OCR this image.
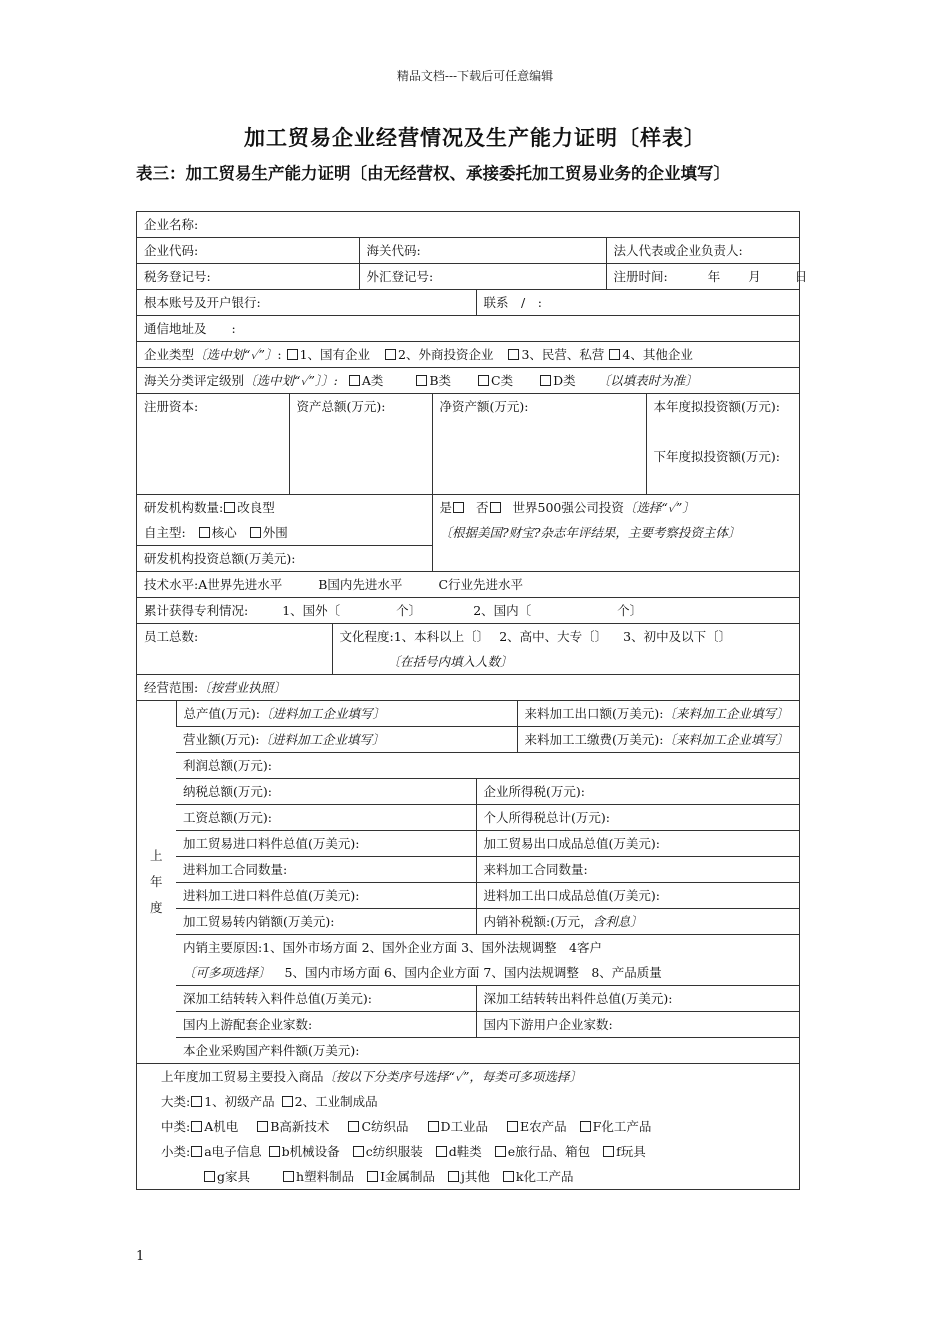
精品文档---下载后可任意编辑
加工贸易企业经营情况及生产能力证明〔样表〕
表三：加工贸易生产能力证明〔由无经营权、承接委托加工贸易业务的企业填写〕
企业名称:

企业代码:	海关代码:	法人代表或企业负责人:

税务登记号:	外汇登记号:	注册时间:	年 月	日

根本账号及开户银行:	联系　/　:

通信地址及　　:
企业类型〔选中划“✓”〕: 1、国有企业 2、外商投资企业 3、民营、私营 4、其他企业
海关分类评定级别〔选中划“✓”〕〕: A类	B类	C类	D类 〔以填表时为准〕

注册资本:	资产总额(万元):	净资产额(万元):	本年度拟投资额(万元):
下年度拟投资额(万元):

研发机构数量: 改良型
自主型: 核心 外围

是 否 世界500强公司投资〔选择“✓”〕
〔根据美国?财宝?杂志年评结果，主要考察投资主体〕

研发机构投资总额(万美元):

技术水平:A世界先进水平	B国内先进水平	C行业先进水平
累计获得专利情况:	1、国外〔	个〕	2、国内〔	个〕

员工总数:	文化程度:1、本科以上〔〕 2、高中、大专〔〕 3、初中及以下〔〕
〔在括号内填入人数〕

经营范围:〔按营业执照〕

上
年
度
	总产值(万元):〔进料加工企业填写〕	来料加工出口额(万美元):〔来料加工企业填写〕
营业额(万元):〔进料加工企业填写〕	来料加工工缴费(万美元):〔来料加工企业填写〕
利润总额(万元):
纳税总额(万元):	企业所得税(万元):
工资总额(万元):	个人所得税总计(万元):
加工贸易进口料件总值(万美元):	加工贸易出口成品总值(万美元):
进料加工合同数量:	来料加工合同数量:
进料加工进口料件总值(万美元):	进料加工出口成品总值(万美元):
加工贸易转内销额(万美元):	内销补税额:(万元，含利息〕

内销主要原因:1、国外市场方面 2、国外企业方面 3、国外法规调整　4客户
〔可多项选择〕 5、国内市场方面 6、国内企业方面 7、国内法规调整　8、产品质量

深加工结转转入料件总值(万美元):	深加工结转转出料件总值(万美元):
国内上游配套企业家数:	国内下游用户企业家数:
本企业采购国产料件额(万美元):

上年度加工贸易主要投入商品〔按以下分类序号选择“✓”，每类可多项选择〕
大类: 1、初级产品 2、工业制成品
中类: A机电	B高新技术	C纺织品	D工业品	E农产品 F化工产品
小类: a电子信息 b机械设备 c纺织服装 d鞋类 e旅行品、箱包 f玩具
g家具	h塑料制品 I金属制品 j其他 k化工产品
1
